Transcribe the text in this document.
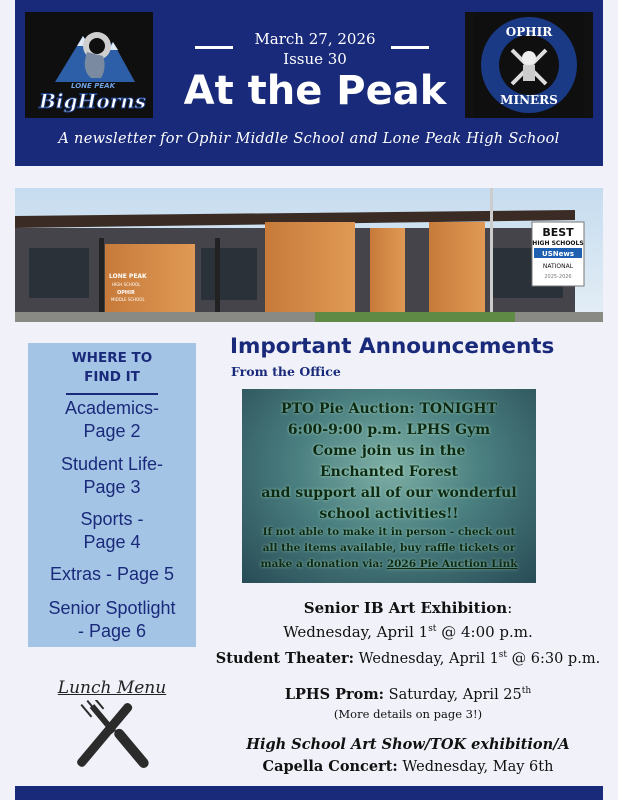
LONE PEAK
BigHorns
March 27, 2026
Issue 30
At the Peak
OPHIR
MINERS
A newsletter for Ophir Middle School and Lone Peak High School
LONE PEAK
HIGH SCHOOL
OPHIR
MIDDLE SCHOOL
BEST
HIGH SCHOOLS
USNews
NATIONAL
2025-2026
WHERE TO
FIND IT
Academics-
Page 2
Student Life-
Page 3
Sports -
Page 4
Extras - Page 5
Senior Spotlight
- Page 6
Lunch Menu
Important Announcements
From the Office
PTO Pie Auction: TONIGHT
6:00-9:00 p.m. LPHS Gym
Come join us in the
Enchanted Forest
and support all of our wonderful
school activities!!
If not able to make it in person - check out
all the items available, buy raffle tickets or
make a donation via: 2026 Pie Auction Link
Senior IB Art Exhibition:
Wednesday, April 1st @ 4:00 p.m.
Student Theater: Wednesday, April 1st @ 6:30 p.m.
LPHS Prom: Saturday, April 25th
(More details on page 3!)
High School Art Show/TOK exhibition/A
Capella Concert: Wednesday, May 6th
